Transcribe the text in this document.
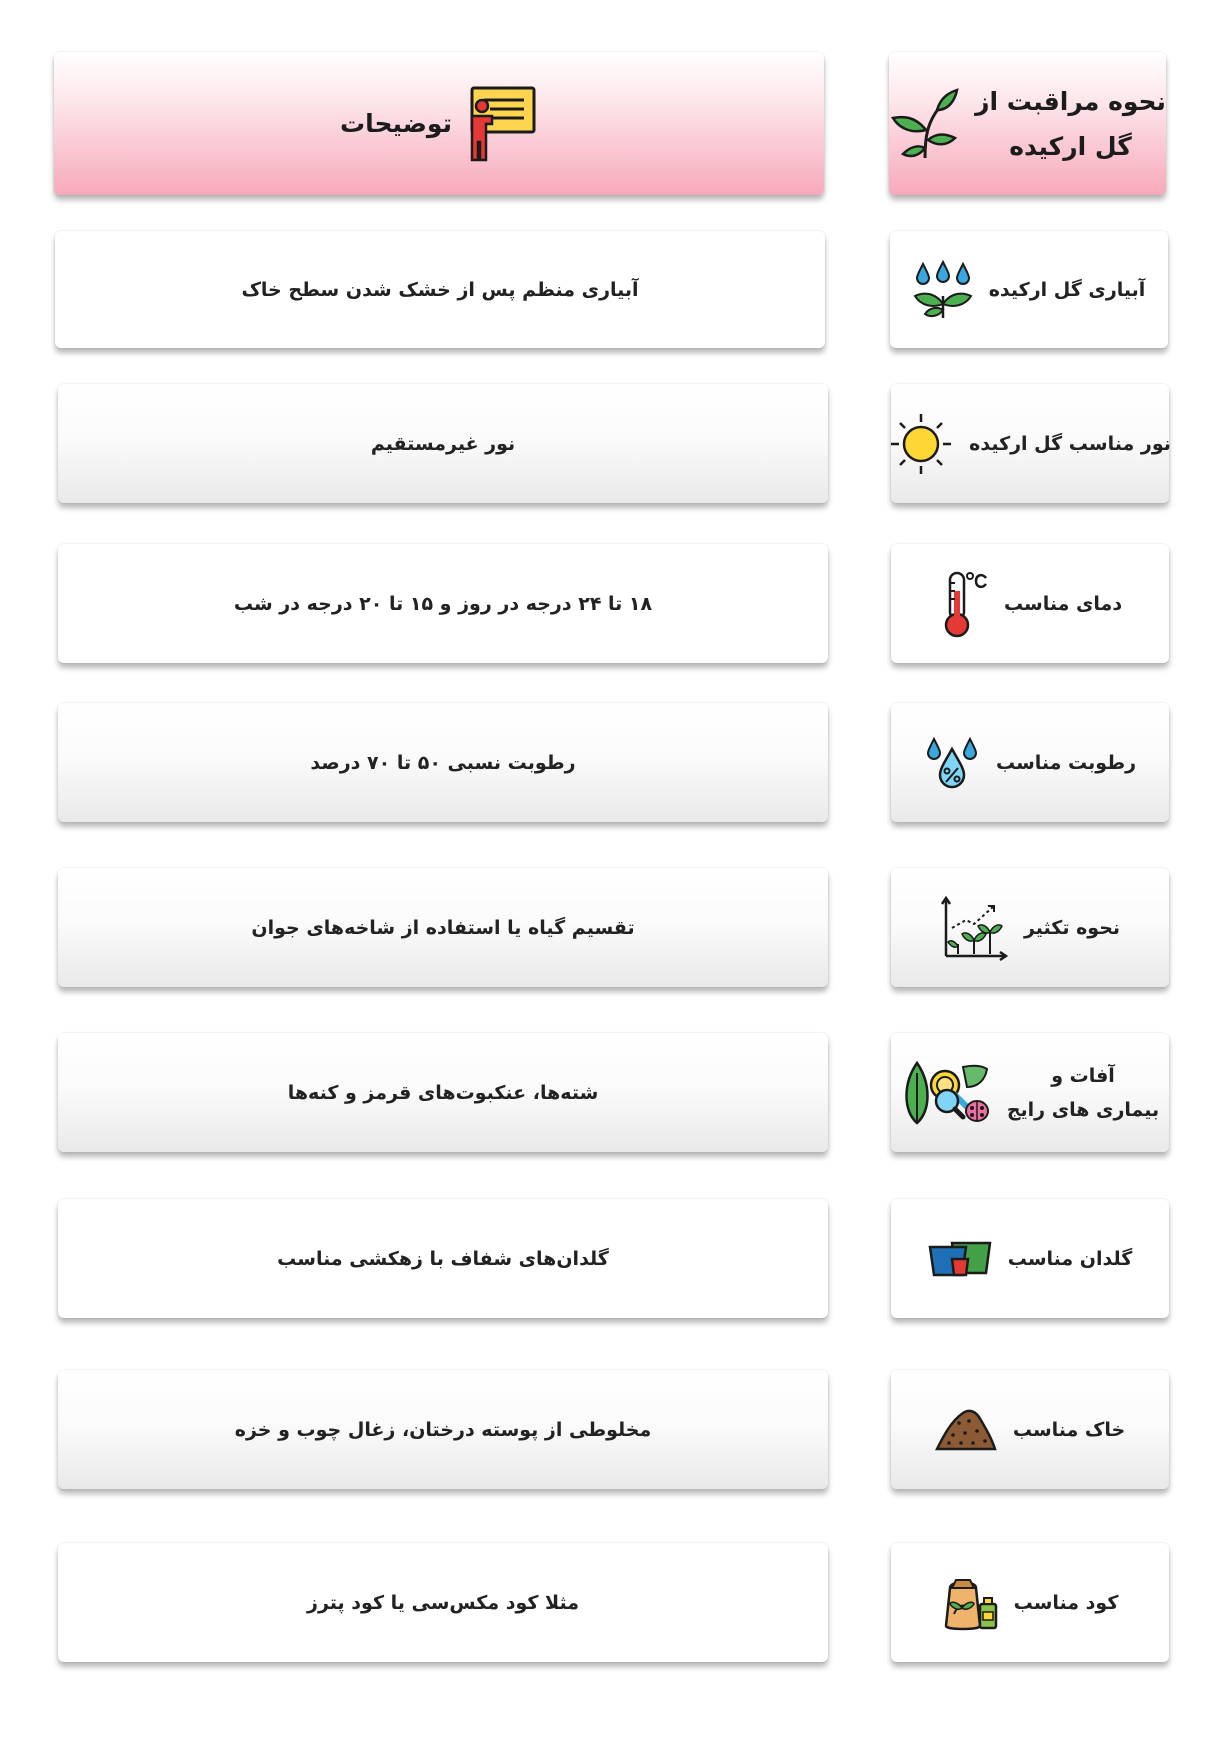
نحوه مراقبت از
گل ارکیده
توضیحات
آبیاری گل ارکیده
آبیاری منظم پس از خشک شدن سطح خاک
نور مناسب گل ارکیده
نور غیرمستقیم
دمای مناسب
۱۸ تا ۲۴ درجه در روز و ۱۵ تا ۲۰ درجه در شب
رطوبت مناسب
رطوبت نسبی ۵۰ تا ۷۰ درصد
نحوه تکثیر
تقسیم گیاه یا استفاده از شاخه‌های جوان
آفات و
بیماری های رایج
شته‌ها، عنکبوت‌های قرمز و کنه‌ها
گلدان مناسب
گلدان‌های شفاف با زهکشی مناسب
خاک مناسب
مخلوطی از پوسته درختان، زغال چوب و خزه
کود مناسب
مثلا کود مکس‌سی یا کود پترز
